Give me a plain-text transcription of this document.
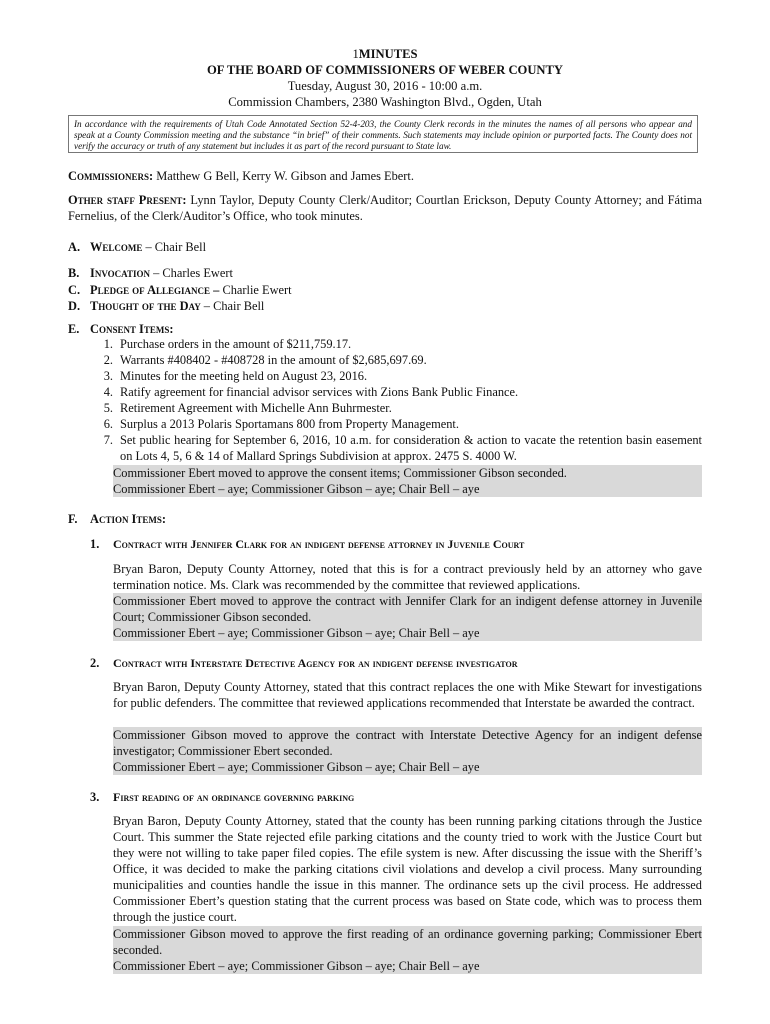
1MINUTES
OF THE BOARD OF COMMISSIONERS OF WEBER COUNTY
Tuesday, August 30, 2016 - 10:00 a.m.
Commission Chambers, 2380 Washington Blvd., Ogden, Utah
In accordance with the requirements of Utah Code Annotated Section 52-4-203, the County Clerk records in the minutes the names of all persons who appear and speak at a County Commission meeting and the substance “in brief” of their comments. Such statements may include opinion or purported facts. The County does not verify the accuracy or truth of any statement but includes it as part of the record pursuant to State law.
Commissioners: Matthew G Bell, Kerry W. Gibson and James Ebert.
Other staff Present: Lynn Taylor, Deputy County Clerk/Auditor; Courtlan Erickson, Deputy County Attorney; and Fátima Fernelius, of the Clerk/Auditor’s Office, who took minutes.
A. Welcome – Chair Bell
B. Invocation – Charles Ewert
C. Pledge of Allegiance – Charlie Ewert
D. Thought of the Day – Chair Bell
E. Consent Items:
1. Purchase orders in the amount of $211,759.17.
2. Warrants #408402 - #408728 in the amount of $2,685,697.69.
3. Minutes for the meeting held on August 23, 2016.
4. Ratify agreement for financial advisor services with Zions Bank Public Finance.
5. Retirement Agreement with Michelle Ann Buhrmester.
6. Surplus a 2013 Polaris Sportamans 800 from Property Management.
7. Set public hearing for September 6, 2016, 10 a.m. for consideration & action to vacate the retention basin easement on Lots 4, 5, 6 & 14 of Mallard Springs Subdivision at approx. 2475 S. 4000 W.
Commissioner Ebert moved to approve the consent items; Commissioner Gibson seconded.
Commissioner Ebert – aye; Commissioner Gibson – aye; Chair Bell – aye
F. Action Items:
1. Contract with Jennifer Clark for an indigent defense attorney in Juvenile Court
Bryan Baron, Deputy County Attorney, noted that this is for a contract previously held by an attorney who gave termination notice. Ms. Clark was recommended by the committee that reviewed applications.
Commissioner Ebert moved to approve the contract with Jennifer Clark for an indigent defense attorney in Juvenile Court; Commissioner Gibson seconded.
Commissioner Ebert – aye; Commissioner Gibson – aye; Chair Bell – aye
2. Contract with Interstate Detective Agency for an indigent defense investigator
Bryan Baron, Deputy County Attorney, stated that this contract replaces the one with Mike Stewart for investigations for public defenders. The committee that reviewed applications recommended that Interstate be awarded the contract.
Commissioner Gibson moved to approve the contract with Interstate Detective Agency for an indigent defense investigator; Commissioner Ebert seconded.
Commissioner Ebert – aye; Commissioner Gibson – aye; Chair Bell – aye
3. First reading of an ordinance governing parking
Bryan Baron, Deputy County Attorney, stated that the county has been running parking citations through the Justice Court. This summer the State rejected efile parking citations and the county tried to work with the Justice Court but they were not willing to take paper filed copies. The efile system is new. After discussing the issue with the Sheriff’s Office, it was decided to make the parking citations civil violations and develop a civil process. Many surrounding municipalities and counties handle the issue in this manner. The ordinance sets up the civil process. He addressed Commissioner Ebert’s question stating that the current process was based on State code, which was to process them through the justice court.
Commissioner Gibson moved to approve the first reading of an ordinance governing parking; Commissioner Ebert seconded.
Commissioner Ebert – aye; Commissioner Gibson – aye; Chair Bell – aye
